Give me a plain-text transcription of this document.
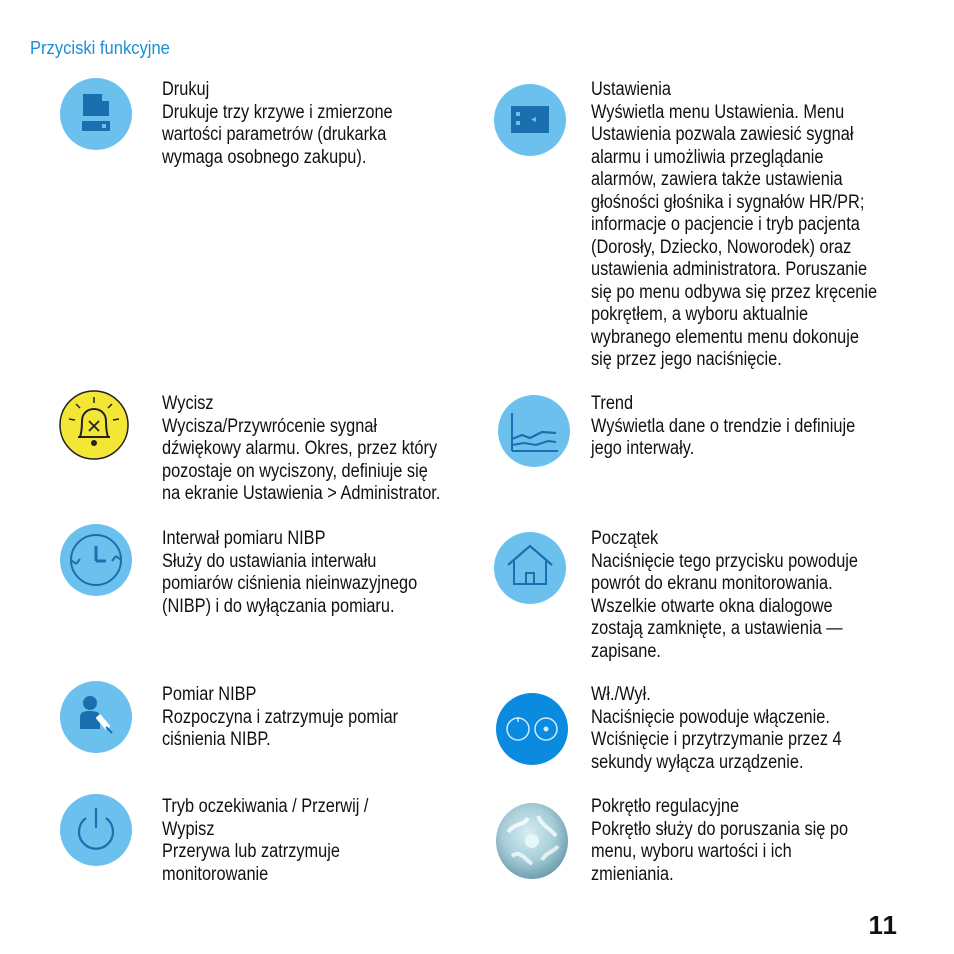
Przyciski funkcyjne
Drukuj
Drukuje trzy krzywe i zmierzone
wartości parametrów (drukarka
wymaga osobnego zakupu).
Ustawienia
Wyświetla menu Ustawienia. Menu
Ustawienia pozwala zawiesić sygnał
alarmu i umożliwia przeglądanie
alarmów, zawiera także ustawienia
głośności głośnika i sygnałów HR/PR;
informacje o pacjencie i tryb pacjenta
(Dorosły, Dziecko, Noworodek) oraz
ustawienia administratora. Poruszanie
się po menu odbywa się przez kręcenie
pokrętłem, a wyboru aktualnie
wybranego elementu menu dokonuje
się przez jego naciśnięcie.
Wycisz
Wycisza/Przywrócenie sygnał
dźwiękowy alarmu. Okres, przez który
pozostaje on wyciszony, definiuje się
na ekranie Ustawienia > Administrator.
Trend
Wyświetla dane o trendzie i definiuje
jego interwały.
Interwał pomiaru NIBP
Służy do ustawiania interwału
pomiarów ciśnienia nieinwazyjnego
(NIBP) i do wyłączania pomiaru.
Początek
Naciśnięcie tego przycisku powoduje
powrót do ekranu monitorowania.
Wszelkie otwarte okna dialogowe
zostają zamknięte, a ustawienia —
zapisane.
Pomiar NIBP
Rozpoczyna i zatrzymuje pomiar
ciśnienia NIBP.
Wł./Wył.
Naciśnięcie powoduje włączenie.
Wciśnięcie i przytrzymanie przez 4
sekundy wyłącza urządzenie.
Tryb oczekiwania / Przerwij /
Wypisz
Przerywa lub zatrzymuje
monitorowanie
Pokrętło regulacyjne
Pokrętło służy do poruszania się po
menu, wyboru wartości i ich
zmieniania.
11
